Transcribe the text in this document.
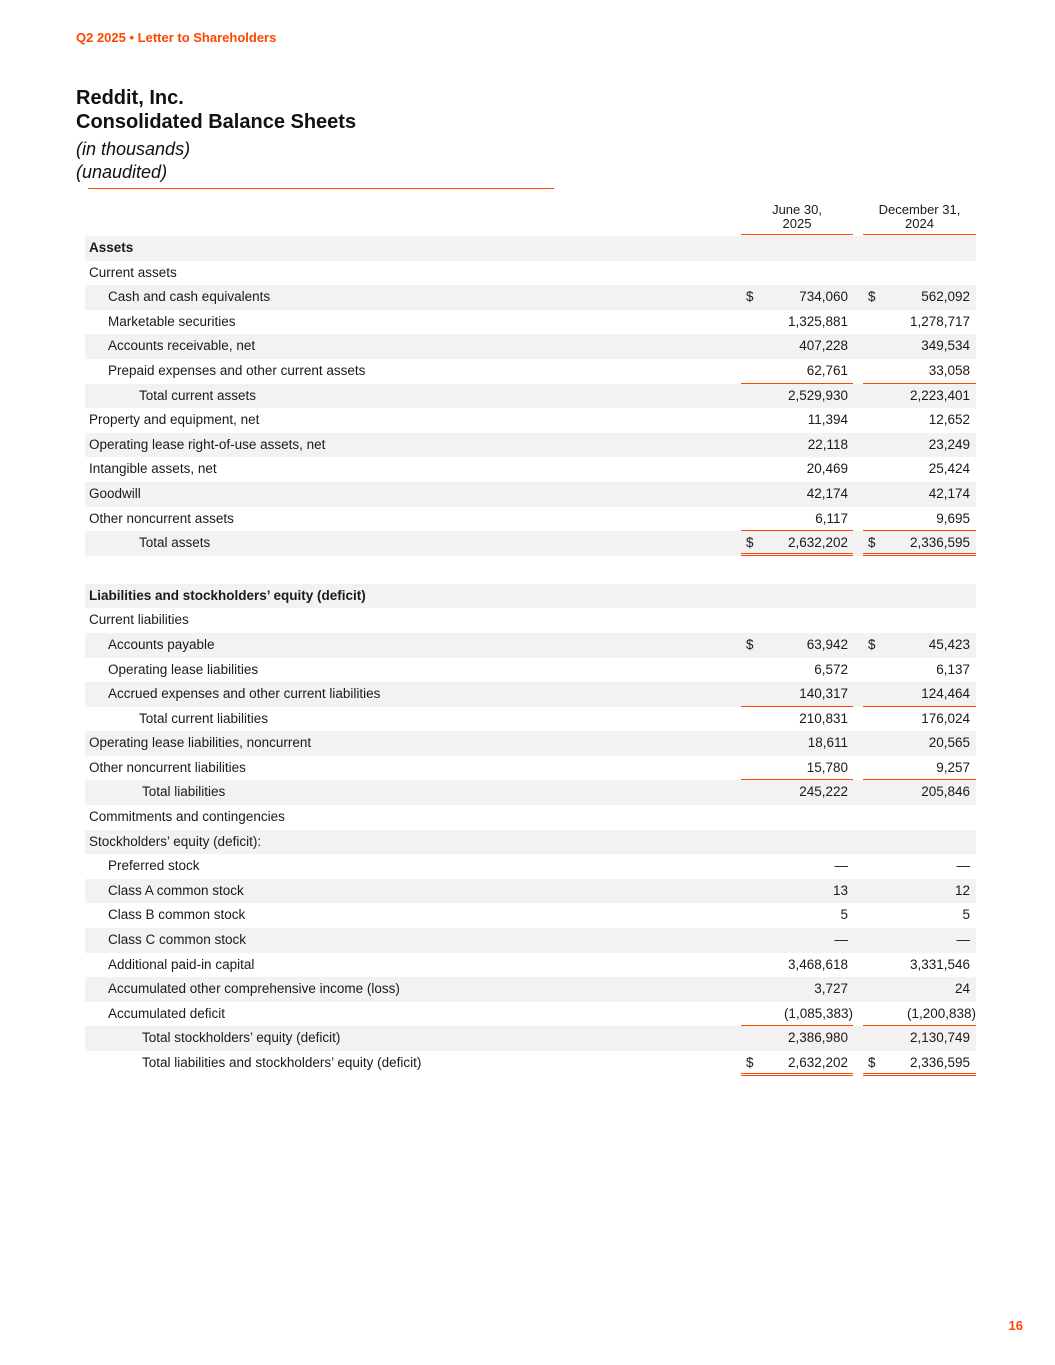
Q2 2025 • Letter to Shareholders
Reddit, Inc.
Consolidated Balance Sheets
(in thousands)
(unaudited)
June 30,
2025
December 31,
2024
Assets
Current assets
Cash and cash equivalents	$	734,060	$	562,092
Marketable securities	1,325,881	1,278,717
Accounts receivable, net	407,228	349,534
Prepaid expenses and other current assets	62,761	33,058
Total current assets	2,529,930	2,223,401
Property and equipment, net	11,394	12,652
Operating lease right-of-use assets, net	22,118	23,249
Intangible assets, net	20,469	25,424
Goodwill	42,174	42,174
Other noncurrent assets	6,117	9,695
Total assets	$	2,632,202	$	2,336,595
Liabilities and stockholders’ equity (deficit)
Current liabilities
Accounts payable	$	63,942	$	45,423
Operating lease liabilities	6,572	6,137
Accrued expenses and other current liabilities	140,317	124,464
Total current liabilities	210,831	176,024
Operating lease liabilities, noncurrent	18,611	20,565
Other noncurrent liabilities	15,780	9,257
Total liabilities	245,222	205,846
Commitments and contingencies
Stockholders’ equity (deficit):
Preferred stock	—	—
Class A common stock	13	12
Class B common stock	5	5
Class C common stock	—	—
Additional paid-in capital	3,468,618	3,331,546
Accumulated other comprehensive income (loss)	3,727	24
Accumulated deficit	(1,085,383)	(1,200,838)
Total stockholders’ equity (deficit)	2,386,980	2,130,749
Total liabilities and stockholders’ equity (deficit)	$	2,632,202	$	2,336,595
16
